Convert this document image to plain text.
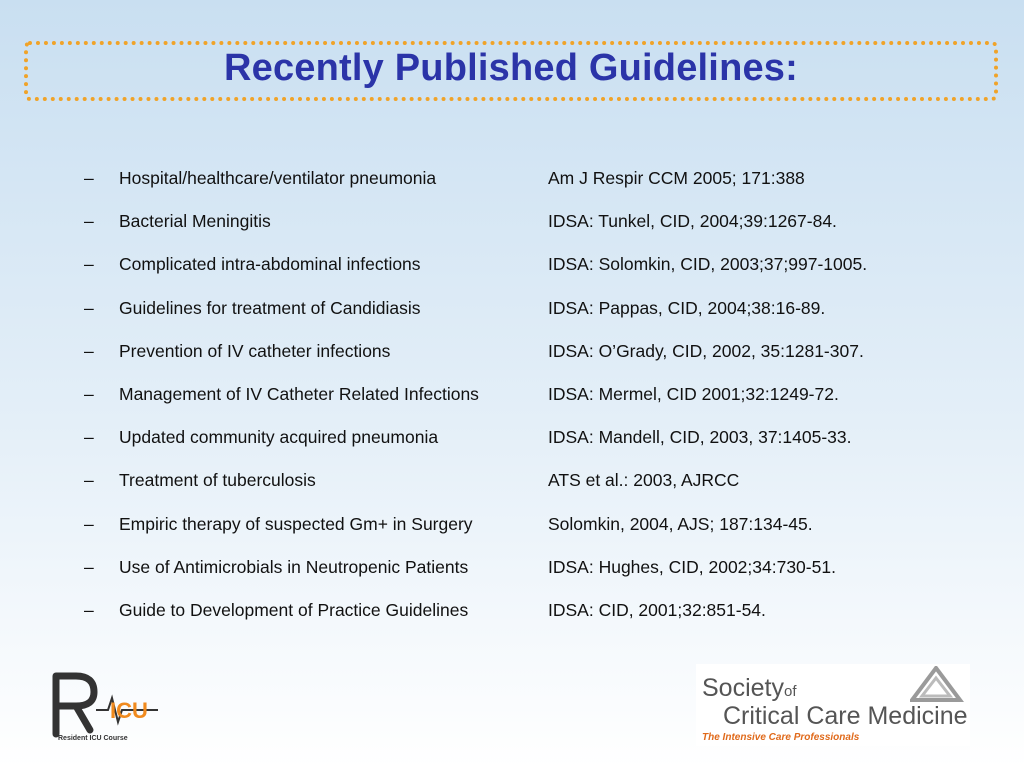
Recently Published Guidelines:
– Hospital/healthcare/ventilator pneumonia	Am J Respir CCM 2005; 171:388
– Bacterial Meningitis	IDSA: Tunkel, CID, 2004;39:1267-84.
– Complicated intra-abdominal infections	IDSA: Solomkin, CID, 2003;37;997-1005.
– Guidelines for treatment of Candidiasis	IDSA: Pappas, CID, 2004;38:16-89.
– Prevention of IV catheter infections	IDSA: O’Grady, CID, 2002, 35:1281-307.
– Management of IV Catheter Related Infections	IDSA: Mermel, CID 2001;32:1249-72.
– Updated community acquired pneumonia	IDSA: Mandell, CID, 2003, 37:1405-33.
– Treatment of tuberculosis	ATS et al.: 2003, AJRCC
– Empiric therapy of suspected Gm+ in Surgery	Solomkin, 2004, AJS; 187:134-45.
– Use of Antimicrobials in Neutropenic Patients	IDSA: Hughes, CID, 2002;34:730-51.
– Guide to Development of Practice Guidelines	IDSA: CID, 2001;32:851-54.
ICU
Resident ICU Course
Societyof
Critical Care Medicine
The Intensive Care Professionals
